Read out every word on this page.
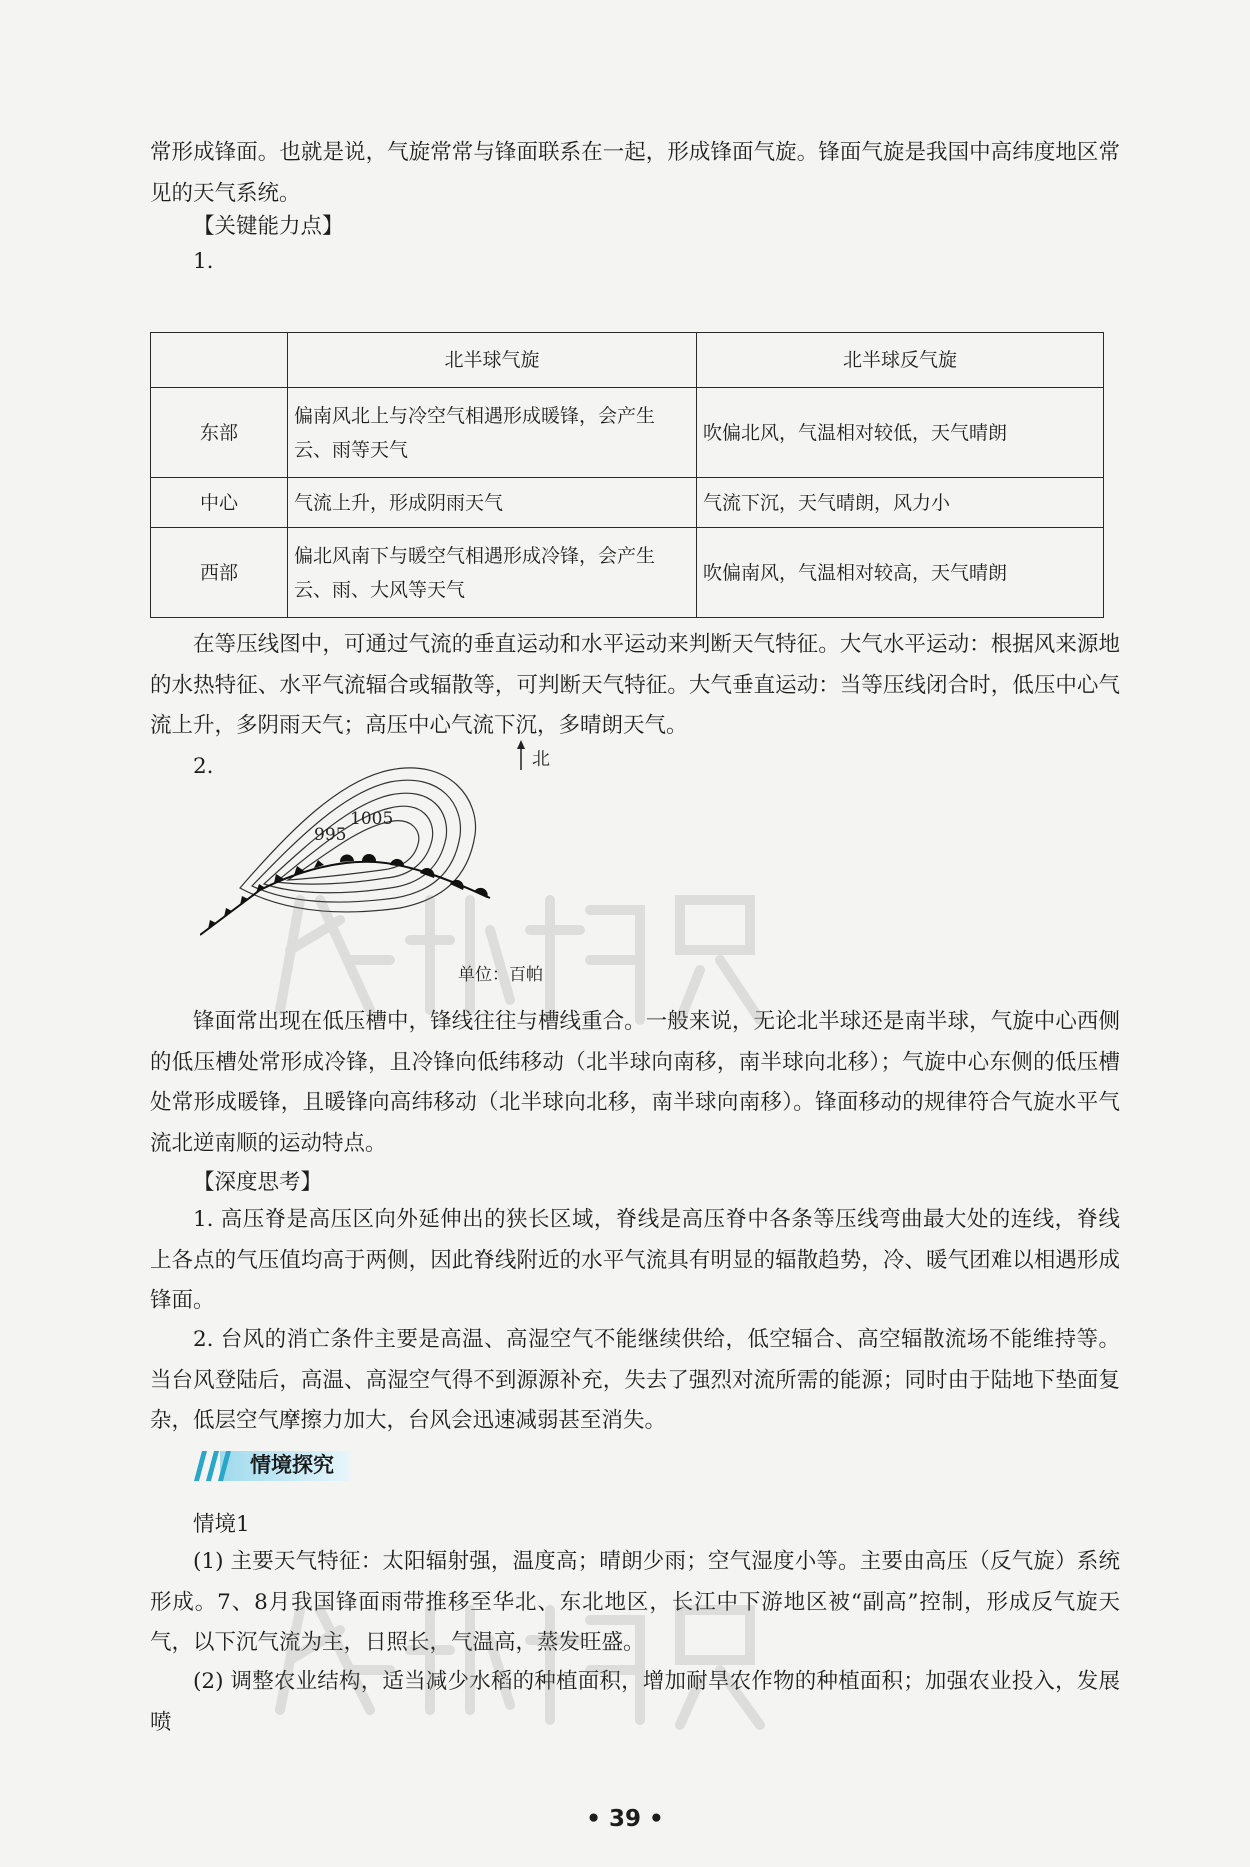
常形成锋面。也就是说，气旋常常与锋面联系在一起，形成锋面气旋。锋面气旋是我国中高纬度地区常见的天气系统。
【关键能力点】
1.
	北半球气旋	北半球反气旋
东部	偏南风北上与冷空气相遇形成暖锋，会产生云、雨等天气	吹偏北风，气温相对较低，天气晴朗
中心	气流上升，形成阴雨天气	气流下沉，天气晴朗，风力小
西部	偏北风南下与暖空气相遇形成冷锋，会产生云、雨、大风等天气	吹偏南风，气温相对较高，天气晴朗
在等压线图中，可通过气流的垂直运动和水平运动来判断天气特征。大气水平运动：根据风来源地的水热特征、水平气流辐合或辐散等，可判断天气特征。大气垂直运动：当等压线闭合时，低压中心气流上升，多阴雨天气；高压中心气流下沉，多晴朗天气。
2.	北
1005
995
单位：百帕
锋面常出现在低压槽中，锋线往往与槽线重合。一般来说，无论北半球还是南半球，气旋中心西侧的低压槽处常形成冷锋，且冷锋向低纬移动（北半球向南移，南半球向北移）；气旋中心东侧的低压槽处常形成暖锋，且暖锋向高纬移动（北半球向北移，南半球向南移）。锋面移动的规律符合气旋水平气流北逆南顺的运动特点。
【深度思考】
1. 高压脊是高压区向外延伸出的狭长区域，脊线是高压脊中各条等压线弯曲最大处的连线，脊线上各点的气压值均高于两侧，因此脊线附近的水平气流具有明显的辐散趋势，冷、暖气团难以相遇形成锋面。
2. 台风的消亡条件主要是高温、高湿空气不能继续供给，低空辐合、高空辐散流场不能维持等。当台风登陆后，高温、高湿空气得不到源源补充，失去了强烈对流所需的能源；同时由于陆地下垫面复杂，低层空气摩擦力加大，台风会迅速减弱甚至消失。
情境探究
情境1
(1) 主要天气特征：太阳辐射强，温度高；晴朗少雨；空气湿度小等。主要由高压（反气旋）系统形成。7、8月我国锋面雨带推移至华北、东北地区，长江中下游地区被“副高”控制，形成反气旋天气，以下沉气流为主，日照长，气温高，蒸发旺盛。
(2) 调整农业结构，适当减少水稻的种植面积，增加耐旱农作物的种植面积；加强农业投入，发展喷
• 39 •
